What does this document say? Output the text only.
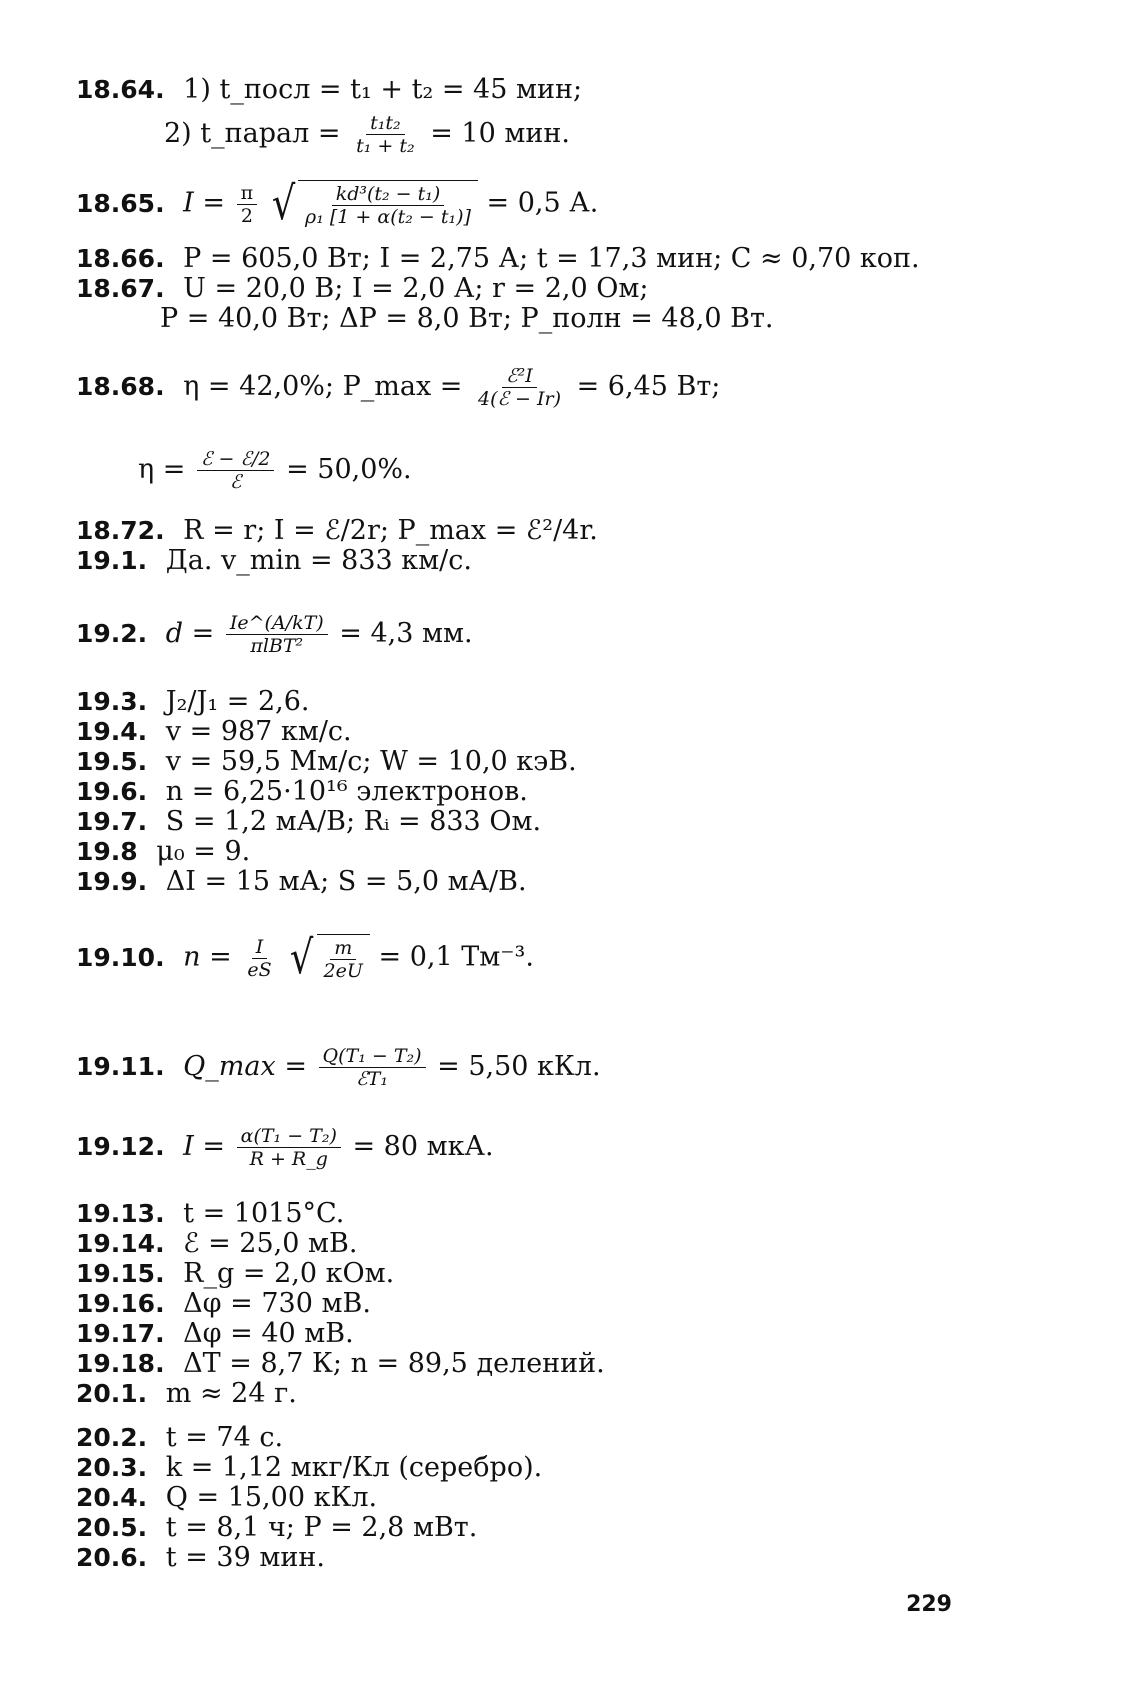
18.64. 1) t_посл = t₁ + t₂ = 45 мин;
2) t_парал = $\frac{\text{t₁t₂}}{\text{t₁ + t₂}} = 10$ мин.
18.65. $I = \frac{\pi}{2}$
√ $\frac{\text{kd³(t₂ − t₁)}}{\text{ρ₁ [1 + α(t₂ − t₁)]}} = 0,5$ А.
18.66. P = 605,0 Вт; I = 2,75 А; t = 17,3 мин; C ≈ 0,70 коп.
18.67. U = 20,0 В; I = 2,0 А; r = 2,0 Ом;
P = 40,0 Вт; ΔP = 8,0 Вт; P_полн = 48,0 Вт.
18.68. η = 42,0%; P_max = $\frac{\text{ℰ²I}}{\text{4(ℰ − Ir)}} = 6,45$ Вт;
$\eta = \frac{\text{ℰ − ℰ/2}}{\text{ℰ}} = 50,0\%$.
18.72. R = r; I = ℰ/2r; P_max = ℰ²/4r.
19.1. Да. v_min = 833 км/с.
19.2. $d = \frac{Ie\^{}(A/kT)}{\text{πlBT²}} = 4,3$ мм.
19.3. J₂/J₁ = 2,6.
19.4. v = 987 км/с.
19.5. v = 59,5 Мм/с; W = 10,0 кэВ.
19.6. n = 6,25·10¹⁶ электронов.
19.7. S = 1,2 мА/В; Rᵢ = 833 Ом.
19.8 μ₀ = 9.
19.9. ΔI = 15 мА; S = 5,0 мА/В.
19.10. $n = \frac{I}{eS}$
√ $\frac{m}{2eU} = 0,1$ Тм⁻³.
19.11. Q_max = $\frac{\text{Q(T₁ − T₂)}}{\text{ℰT₁}} = 5,50$ кКл.
19.12. $I = \frac{\text{α(T₁ − T₂)}}{R + R\_g} = 80$ мкА.
19.13. t = 1015°C.
19.14. ℰ = 25,0 мВ.
19.15. R_g = 2,0 кОм.
19.16. Δφ = 730 мВ.
19.17. Δφ = 40 мВ.
19.18. ΔT = 8,7 К; n = 89,5 делений.
20.1. m ≈ 24 г.
20.2. t = 74 с.
20.3. k = 1,12 мкг/Кл (серебро).
20.4. Q = 15,00 кКл.
20.5. t = 8,1 ч; P = 2,8 мВт.
20.6. t = 39 мин.
229
